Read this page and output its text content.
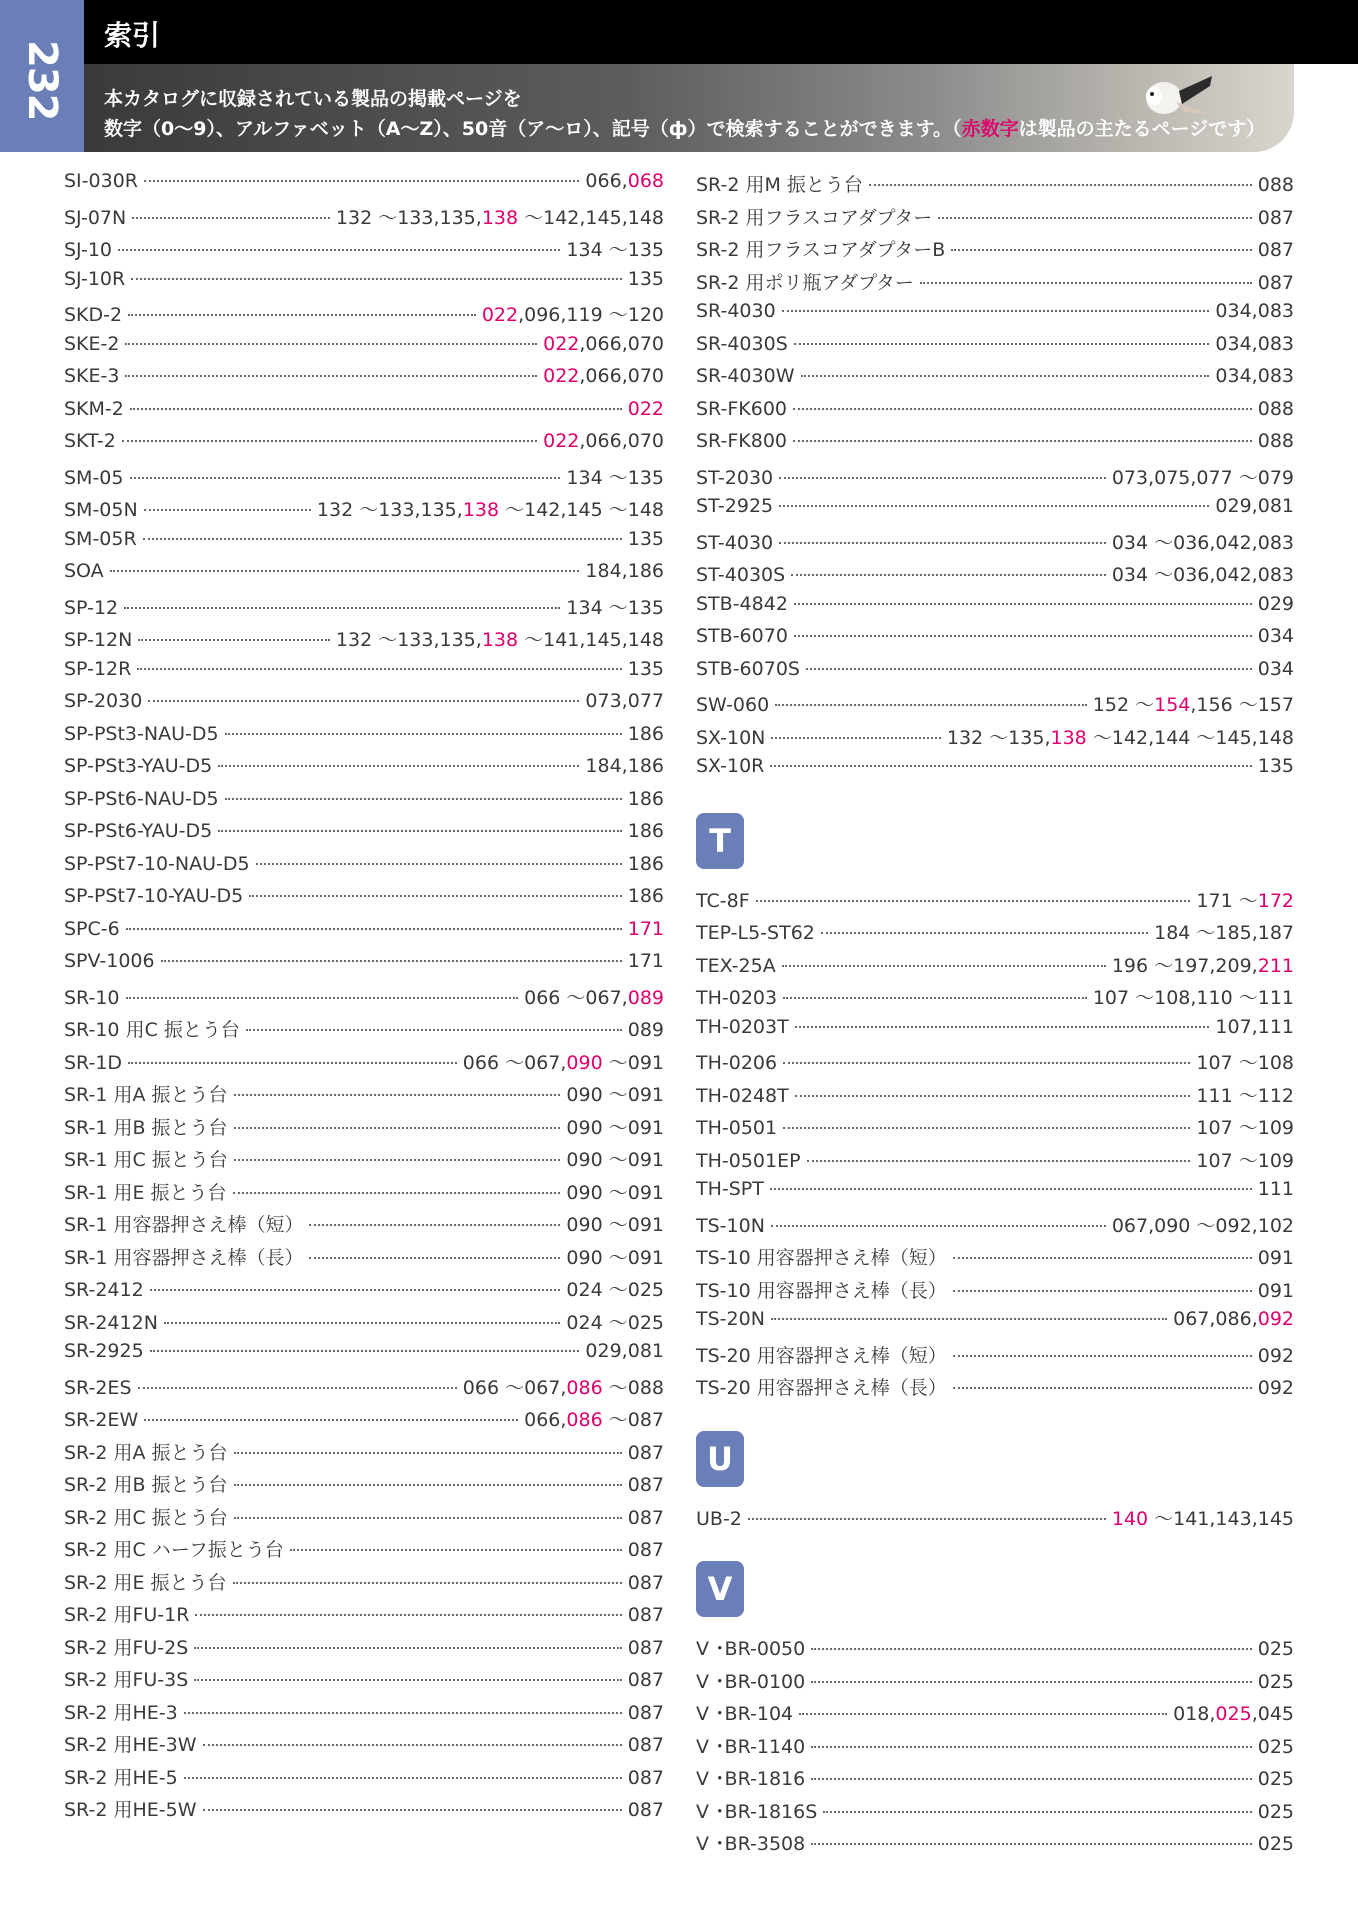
232
索引
本カタログに収録されている製品の掲載ページを
数字（0〜9）、アルファベット（A〜Z）、50音（ア〜ロ）、記号（ф）で検索することができます。（赤数字は製品の主たるページです）
SI-030R	066,068
SJ-07N	132 〜133,135,138 〜142,145,148
SJ-10	134 〜135
SJ-10R	135
SKD-2	022,096,119 〜120
SKE-2	022,066,070
SKE-3	022,066,070
SKM-2	022
SKT-2	022,066,070
SM-05	134 〜135
SM-05N	132 〜133,135,138 〜142,145 〜148
SM-05R	135
SOA	184,186
SP-12	134 〜135
SP-12N	132 〜133,135,138 〜141,145,148
SP-12R	135
SP-2030	073,077
SP-PSt3-NAU-D5	186
SP-PSt3-YAU-D5	184,186
SP-PSt6-NAU-D5	186
SP-PSt6-YAU-D5	186
SP-PSt7-10-NAU-D5	186
SP-PSt7-10-YAU-D5	186
SPC-6	171
SPV-1006	171
SR-10	066 〜067,089
SR-10 用C 振とう台	089
SR-1D	066 〜067,090 〜091
SR-1 用A 振とう台	090 〜091
SR-1 用B 振とう台	090 〜091
SR-1 用C 振とう台	090 〜091
SR-1 用E 振とう台	090 〜091
SR-1 用容器押さえ棒（短）	090 〜091
SR-1 用容器押さえ棒（長）	090 〜091
SR-2412	024 〜025
SR-2412N	024 〜025
SR-2925	029,081
SR-2ES	066 〜067,086 〜088
SR-2EW	066,086 〜087
SR-2 用A 振とう台	087
SR-2 用B 振とう台	087
SR-2 用C 振とう台	087
SR-2 用C ハーフ振とう台	087
SR-2 用E 振とう台	087
SR-2 用FU-1R	087
SR-2 用FU-2S	087
SR-2 用FU-3S	087
SR-2 用HE-3	087
SR-2 用HE-3W	087
SR-2 用HE-5	087
SR-2 用HE-5W	087
SR-2 用M 振とう台	088
SR-2 用フラスコアダプター	087
SR-2 用フラスコアダプターB	087
SR-2 用ポリ瓶アダプター	087
SR-4030	034,083
SR-4030S	034,083
SR-4030W	034,083
SR-FK600	088
SR-FK800	088
ST-2030	073,075,077 〜079
ST-2925	029,081
ST-4030	034 〜036,042,083
ST-4030S	034 〜036,042,083
STB-4842	029
STB-6070	034
STB-6070S	034
SW-060	152 〜154,156 〜157
SX-10N	132 〜135,138 〜142,144 〜145,148
SX-10R	135
T
TC-8F	171 〜172
TEP-L5-ST62	184 〜185,187
TEX-25A	196 〜197,209,211
TH-0203	107 〜108,110 〜111
TH-0203T	107,111
TH-0206	107 〜108
TH-0248T	111 〜112
TH-0501	107 〜109
TH-0501EP	107 〜109
TH-SPT	111
TS-10N	067,090 〜092,102
TS-10 用容器押さえ棒（短）	091
TS-10 用容器押さえ棒（長）	091
TS-20N	067,086,092
TS-20 用容器押さえ棒（短）	092
TS-20 用容器押さえ棒（長）	092
U
UB-2	140 〜141,143,145
V
V ･BR-0050	025
V ･BR-0100	025
V ･BR-104	018,025,045
V ･BR-1140	025
V ･BR-1816	025
V ･BR-1816S	025
V ･BR-3508	025
